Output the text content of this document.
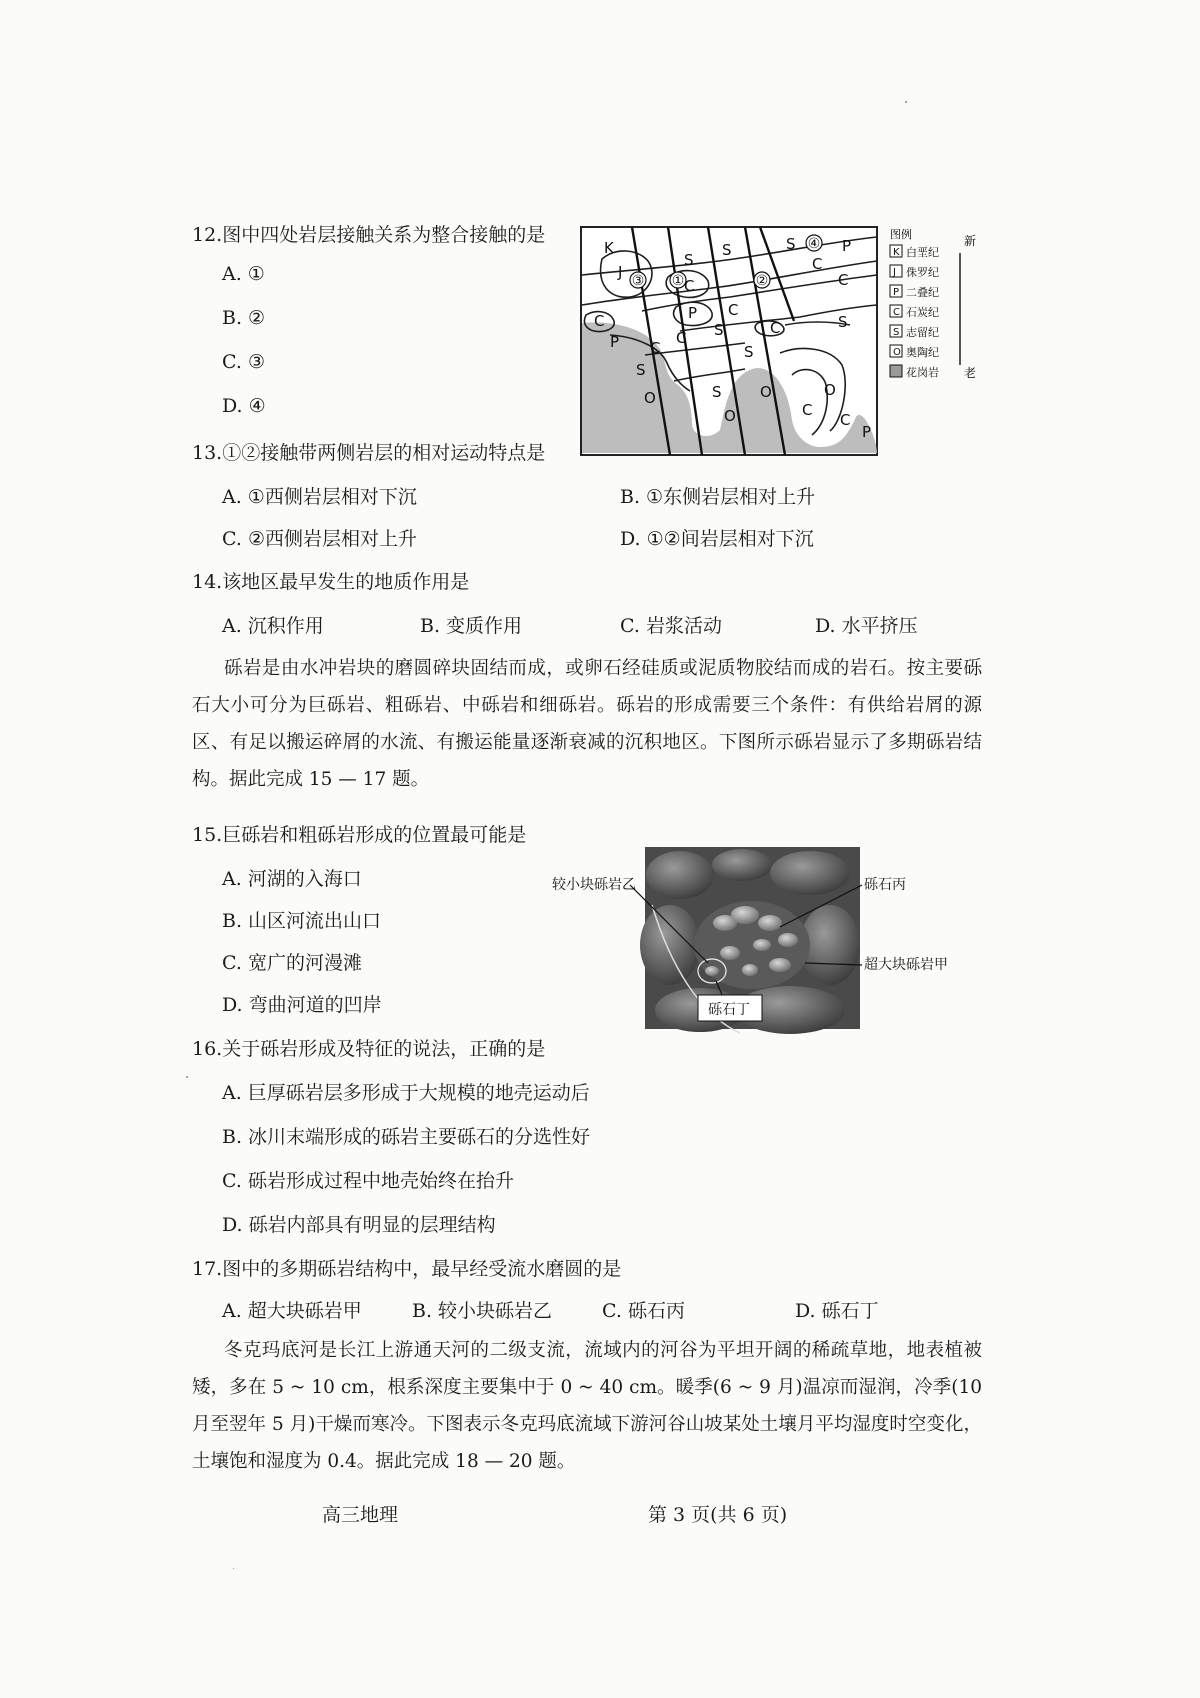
12.图中四处岩层接触关系为整合接触的是
A. ①
B. ②
C. ③
D. ④
③ ①	②
④
K
J
C
P C
S
O
S
C
P
C
S
C
S
S
O
S
C
O
C
S
C
P
C
S
O
C
P
图例
K 白垩纪
J 侏罗纪
P 二叠纪
C 石炭纪
S 志留纪
O 奥陶纪
花岗岩
新
老
13.①②接触带两侧岩层的相对运动特点是
A. ①西侧岩层相对下沉	B. ①东侧岩层相对上升
C. ②西侧岩层相对上升	D. ①②间岩层相对下沉
14.该地区最早发生的地质作用是
A. 沉积作用	B. 变质作用	C. 岩浆活动	D. 水平挤压
砾岩是由水冲岩块的磨圆碎块固结而成，或卵石经硅质或泥质物胶结而成的岩石。按主要砾石大小可分为巨砾岩、粗砾岩、中砾岩和细砾岩。砾岩的形成需要三个条件：有供给岩屑的源区、有足以搬运碎屑的水流、有搬运能量逐渐衰减的沉积地区。下图所示砾岩显示了多期砾岩结构。据此完成 15 — 17 题。
15.巨砾岩和粗砾岩形成的位置最可能是
A. 河湖的入海口
B. 山区河流出山口
C. 宽广的河漫滩
D. 弯曲河道的凹岸
较小块砾岩乙	砾石丙
超大块砾岩甲
砾石丁
16.关于砾岩形成及特征的说法，正确的是
A. 巨厚砾岩层多形成于大规模的地壳运动后
B. 冰川末端形成的砾岩主要砾石的分选性好
C. 砾岩形成过程中地壳始终在抬升
D. 砾岩内部具有明显的层理结构
17.图中的多期砾岩结构中，最早经受流水磨圆的是
A. 超大块砾岩甲	B. 较小块砾岩乙	C. 砾石丙	D. 砾石丁
冬克玛底河是长江上游通天河的二级支流，流域内的河谷为平坦开阔的稀疏草地，地表植被矮，多在 5 ~ 10 cm，根系深度主要集中于 0 ~ 40 cm。暖季(6 ~ 9 月)温凉而湿润，冷季(10月至翌年 5 月)干燥而寒冷。下图表示冬克玛底流域下游河谷山坡某处土壤月平均湿度时空变化，土壤饱和湿度为 0.4。据此完成 18 — 20 题。
高三地理	第 3 页(共 6 页)
